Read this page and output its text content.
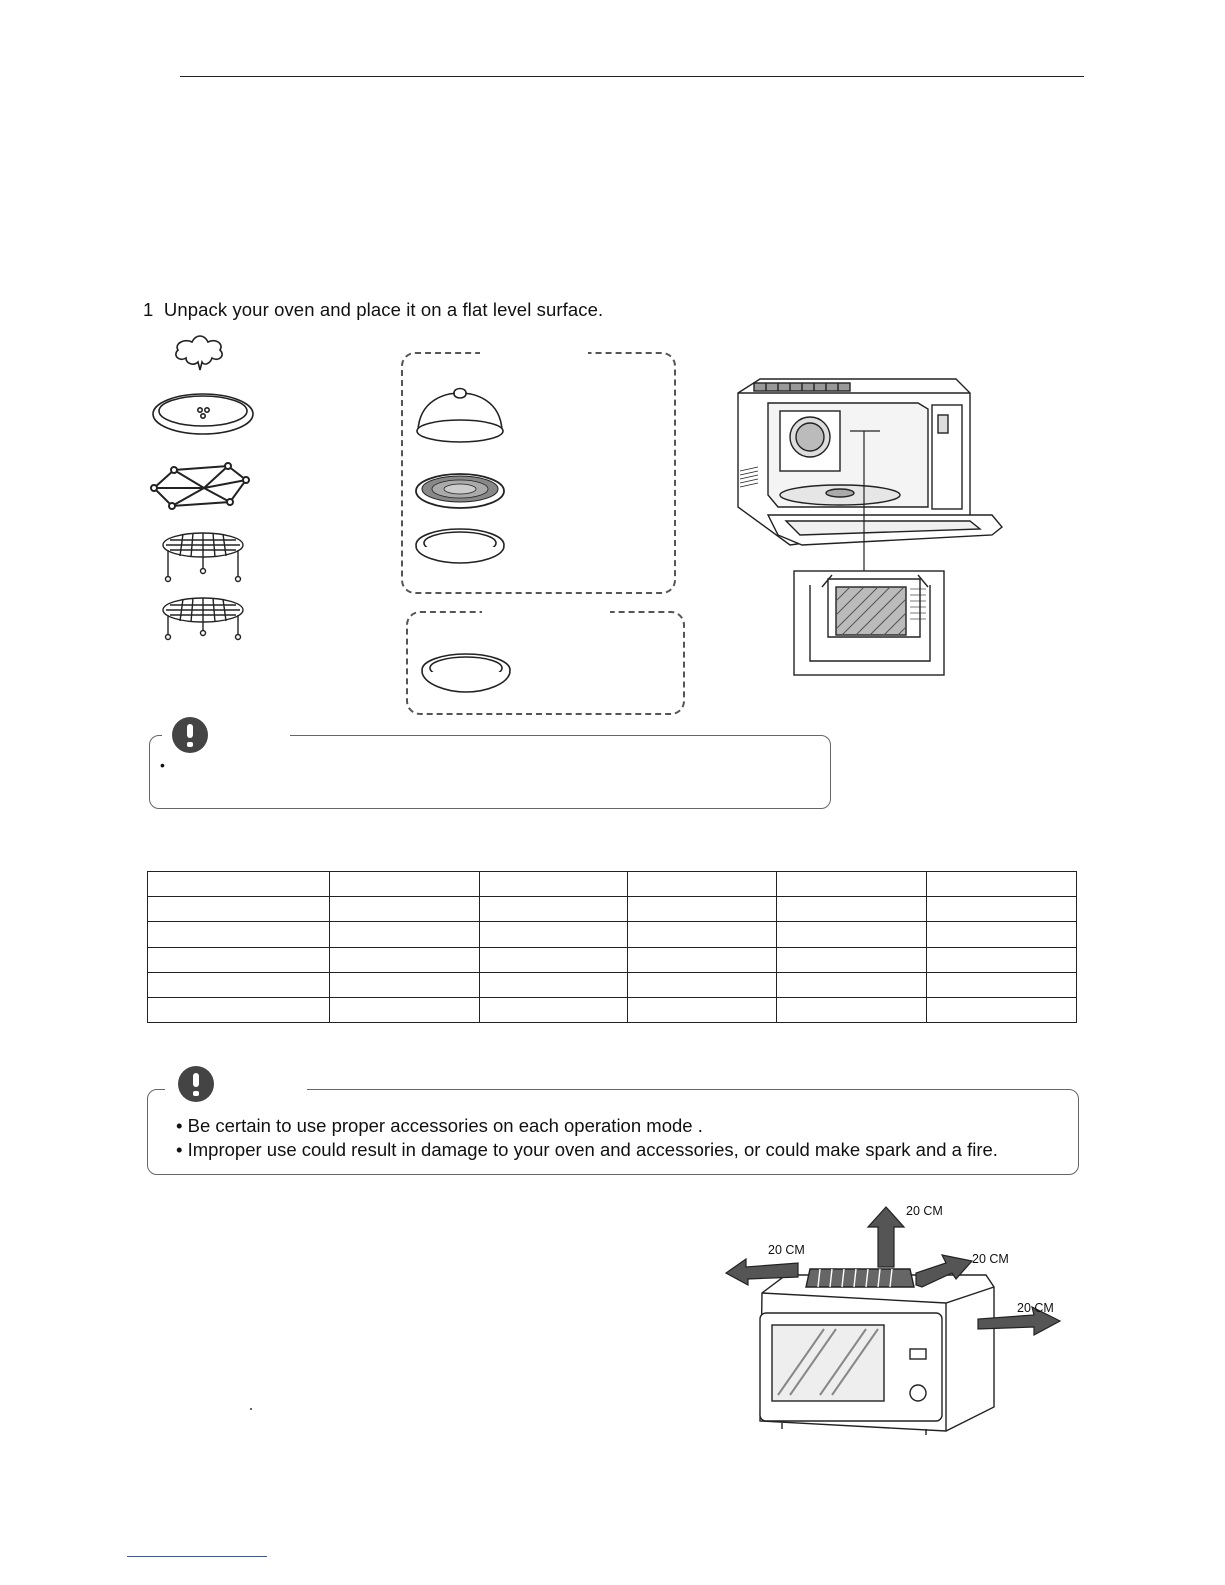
1 Unpack your oven and place it on a flat level surface.
•

• Be certain to use proper accessories on each operation mode .
• Improper use could result in damage to your oven and accessories, or could make spark and a fire.
20 CM
20 CM
20 CM
20 CM
